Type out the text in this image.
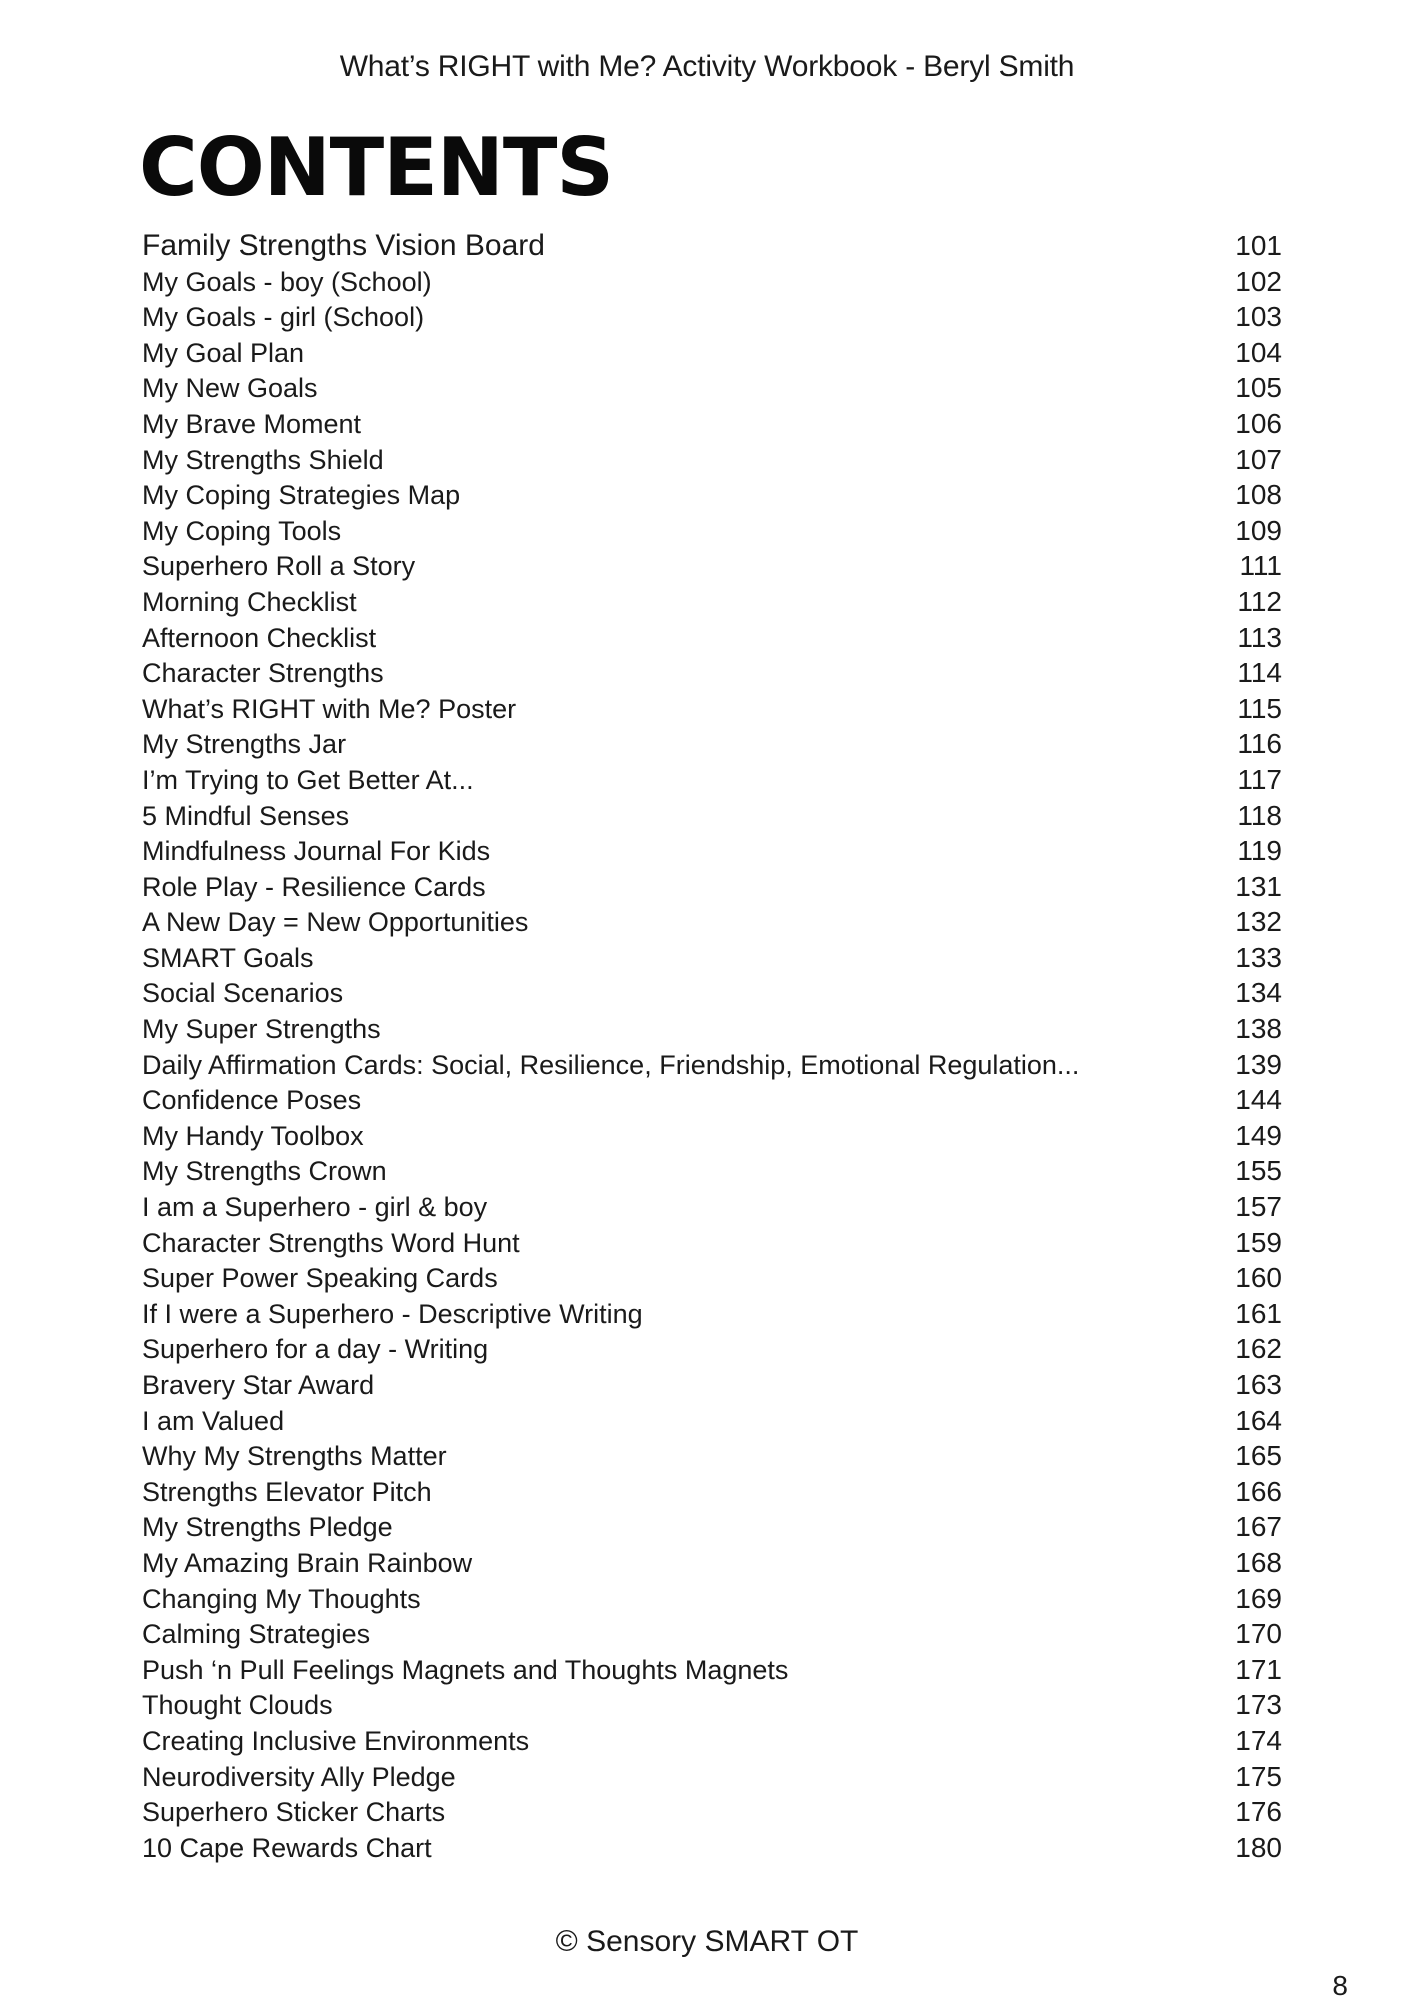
What’s RIGHT with Me? Activity Workbook - Beryl Smith
CONTENTS
Family Strengths Vision Board	101
My Goals - boy (School)	102
My Goals - girl (School)	103
My Goal Plan	104
My New Goals	105
My Brave Moment	106
My Strengths Shield	107
My Coping Strategies Map	108
My Coping Tools	109
Superhero Roll a Story	111
Morning Checklist	112
Afternoon Checklist	113
Character Strengths	114
What’s RIGHT with Me? Poster	115
My Strengths Jar	116
I’m Trying to Get Better At...	117
5 Mindful Senses	118
Mindfulness Journal For Kids	119
Role Play - Resilience Cards	131
A New Day = New Opportunities	132
SMART Goals	133
Social Scenarios	134
My Super Strengths	138
Daily Affirmation Cards: Social, Resilience, Friendship, Emotional Regulation...	139
Confidence Poses	144
My Handy Toolbox	149
My Strengths Crown	155
I am a Superhero - girl & boy	157
Character Strengths Word Hunt	159
Super Power Speaking Cards	160
If I were a Superhero - Descriptive Writing	161
Superhero for a day - Writing	162
Bravery Star Award	163
I am Valued	164
Why My Strengths Matter	165
Strengths Elevator Pitch	166
My Strengths Pledge	167
My Amazing Brain Rainbow	168
Changing My Thoughts	169
Calming Strategies	170
Push ‘n Pull Feelings Magnets and Thoughts Magnets	171
Thought Clouds	173
Creating Inclusive Environments	174
Neurodiversity Ally Pledge	175
Superhero Sticker Charts	176
10 Cape Rewards Chart	180
© Sensory SMART OT
8
